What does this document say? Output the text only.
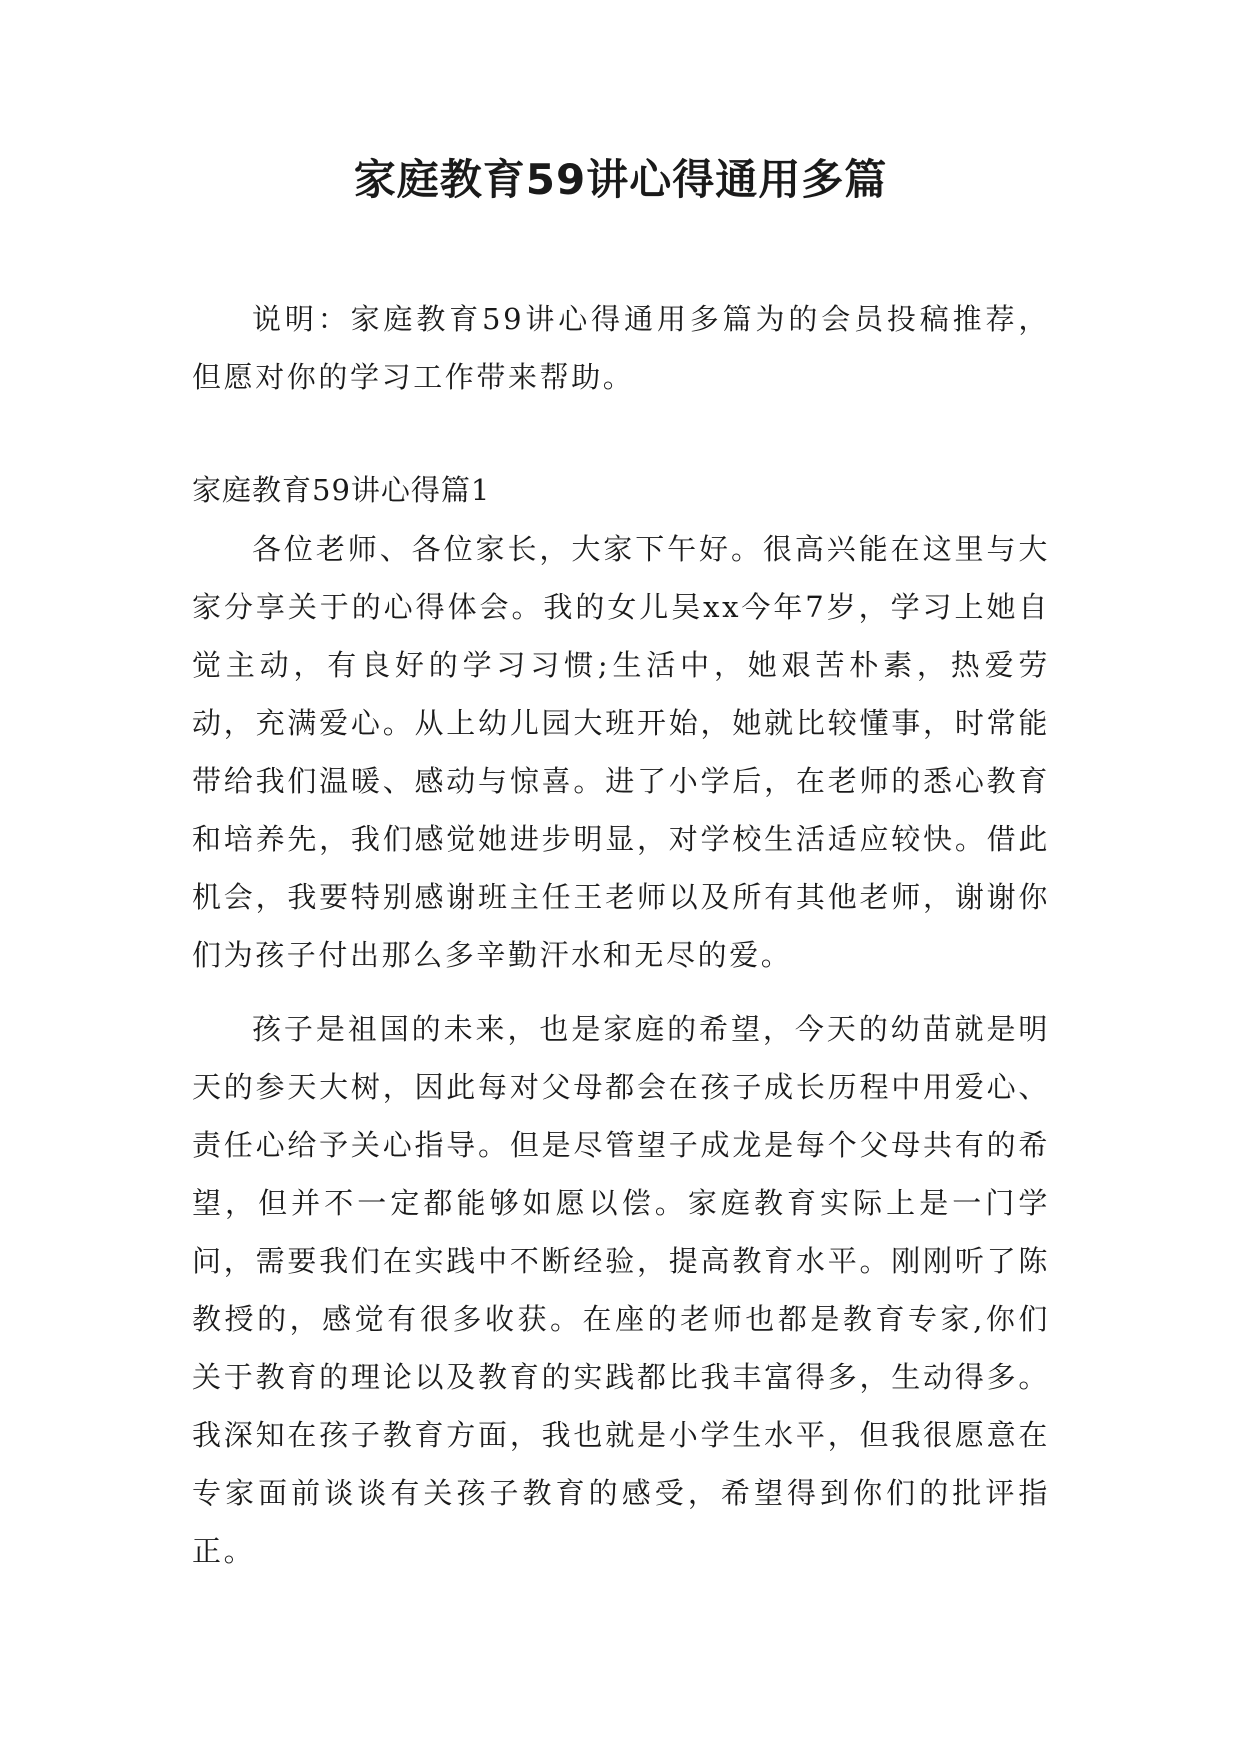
家庭教育59讲心得通用多篇

说明：家庭教育59讲心得通用多篇为的会员投稿推荐，但愿对你的学习工作带来帮助。

家庭教育59讲心得篇1

各位老师、各位家长，大家下午好。很高兴能在这里与大家分享关于的心得体会。我的女儿吴xx今年7岁，学习上她自觉主动，有良好的学习习惯;生活中，她艰苦朴素，热爱劳动，充满爱心。从上幼儿园大班开始，她就比较懂事，时常能带给我们温暖、感动与惊喜。进了小学后，在老师的悉心教育和培养先，我们感觉她进步明显，对学校生活适应较快。借此机会，我要特别感谢班主任王老师以及所有其他老师，谢谢你们为孩子付出那么多辛勤汗水和无尽的爱。

孩子是祖国的未来，也是家庭的希望，今天的幼苗就是明天的参天大树，因此每对父母都会在孩子成长历程中用爱心、责任心给予关心指导。但是尽管望子成龙是每个父母共有的希望，但并不一定都能够如愿以偿。家庭教育实际上是一门学问，需要我们在实践中不断经验，提高教育水平。刚刚听了陈教授的，感觉有很多收获。在座的老师也都是教育专家,你们关于教育的理论以及教育的实践都比我丰富得多，生动得多。我深知在孩子教育方面，我也就是小学生水平，但我很愿意在专家面前谈谈有关孩子教育的感受，希望得到你们的批评指正。
